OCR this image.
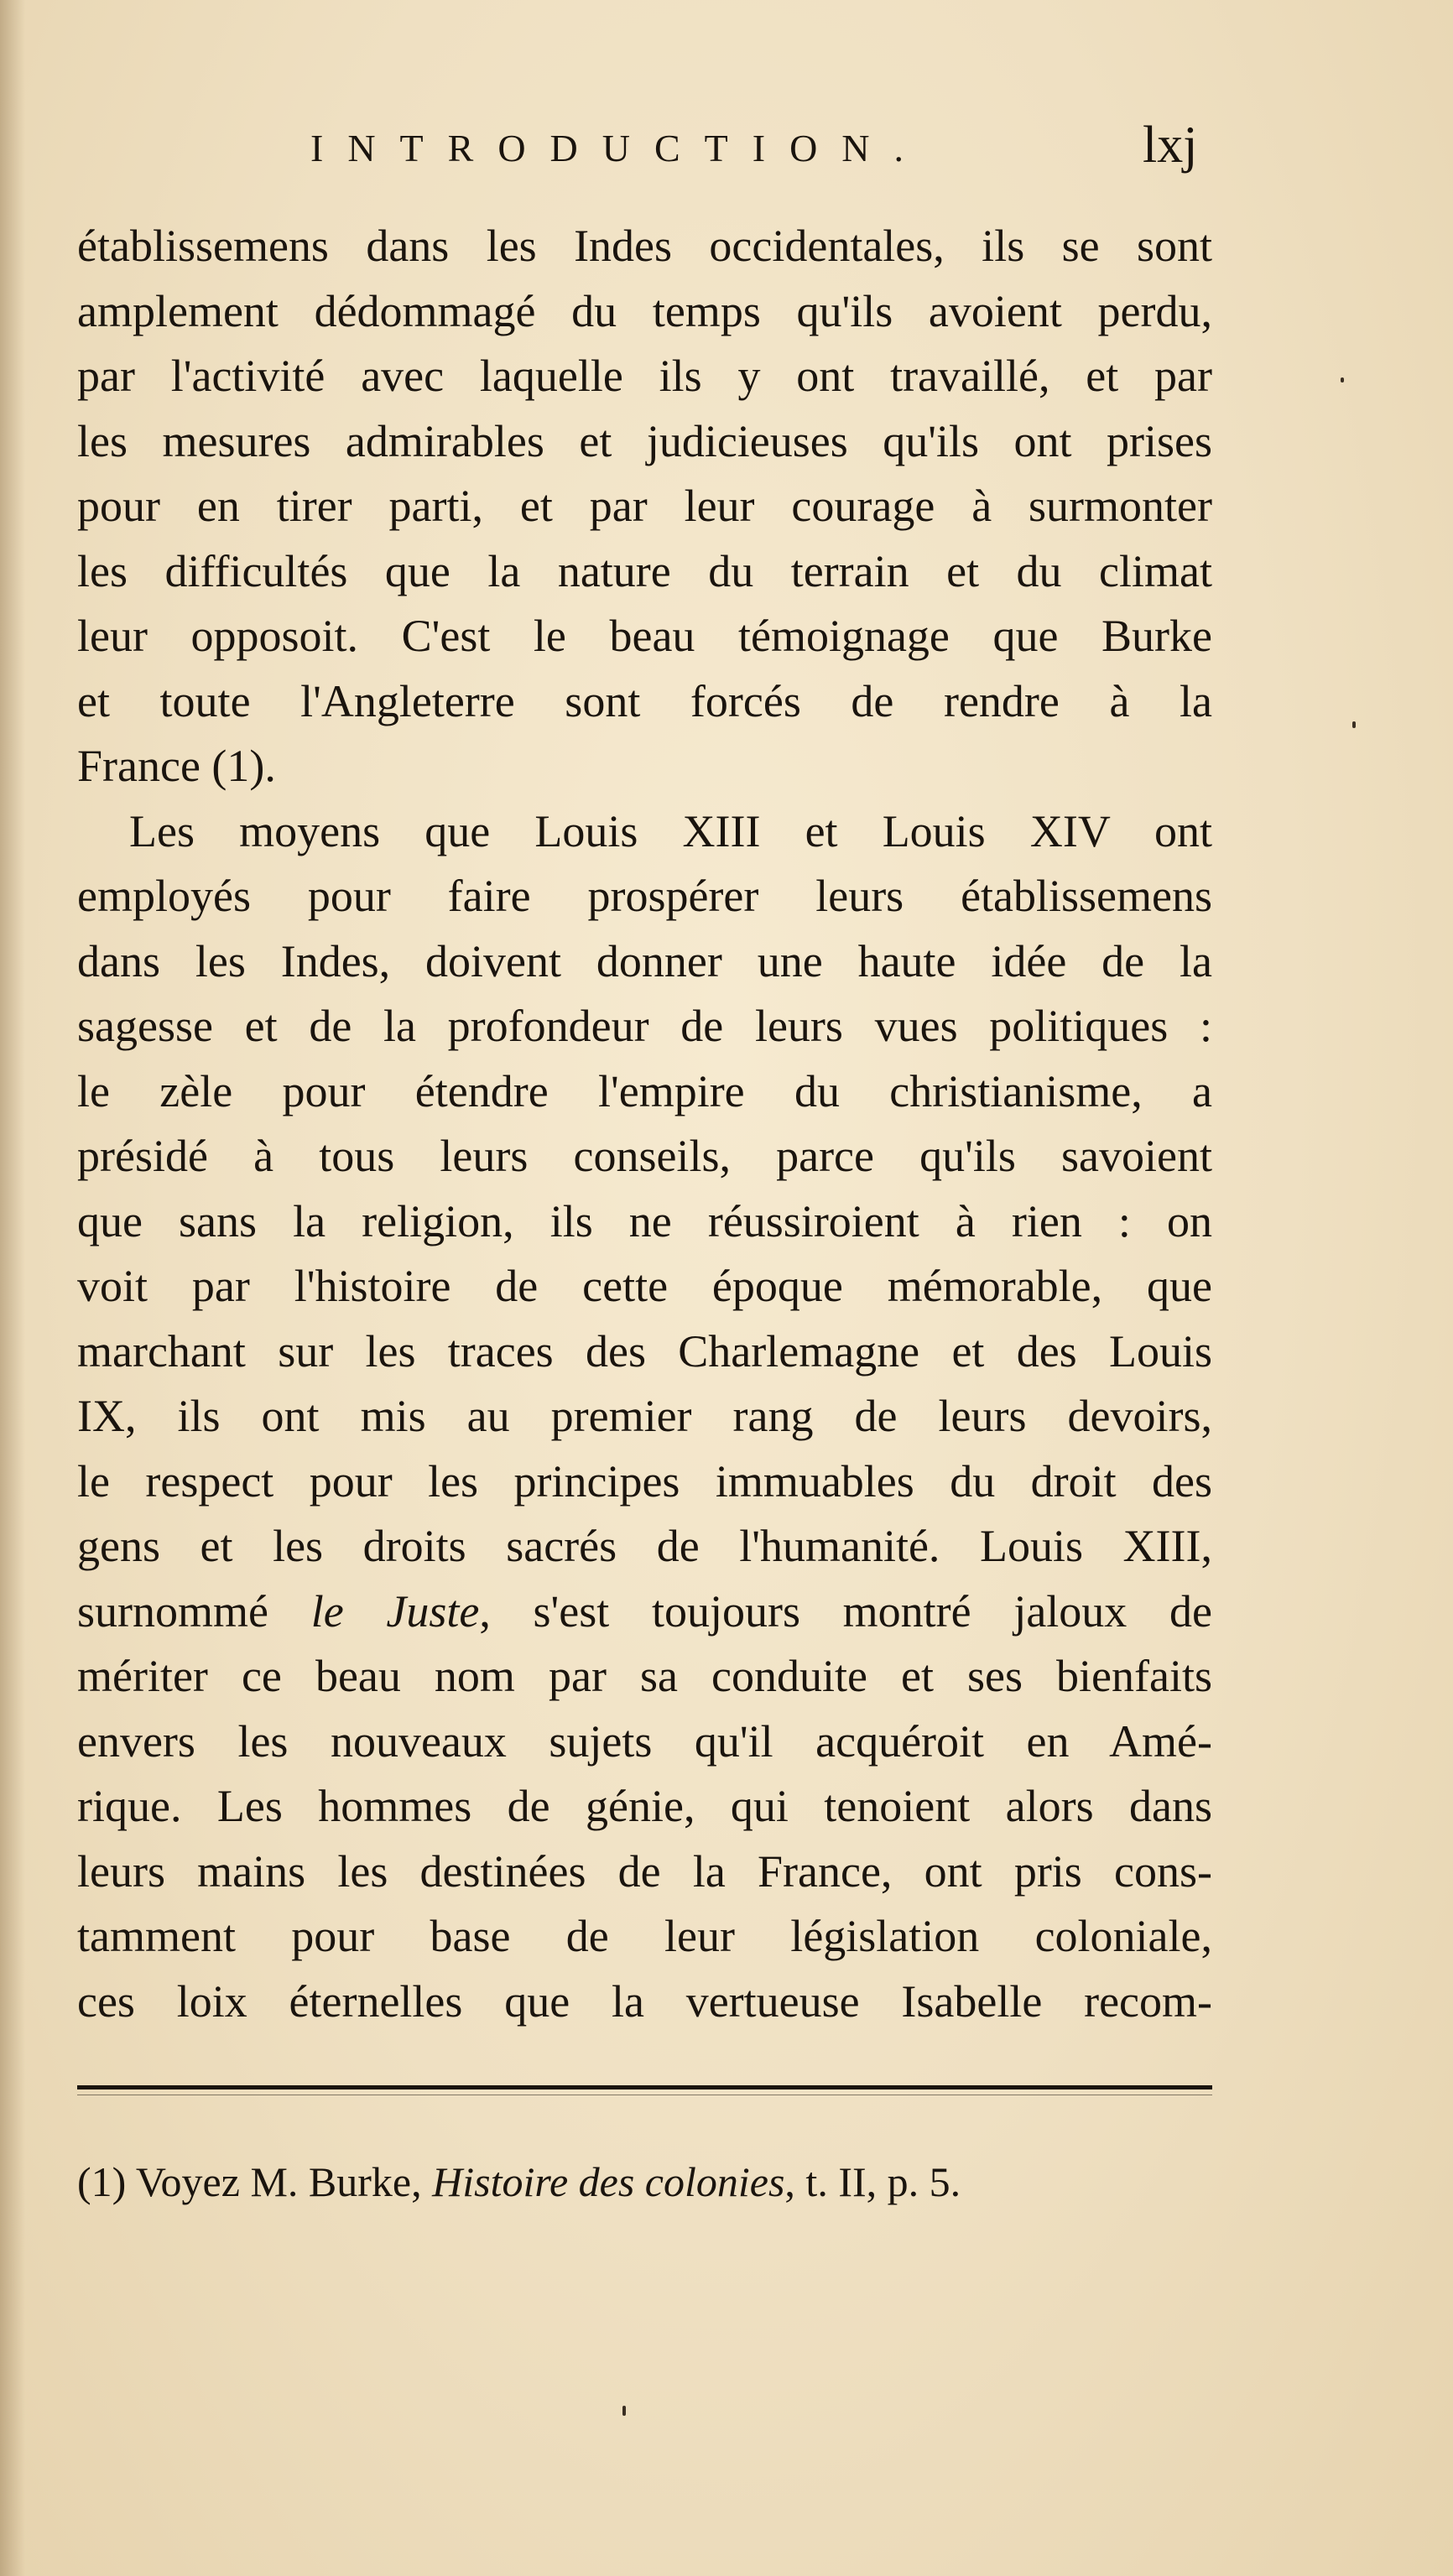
INTRODUCTION.	lxj
établissemens dans les Indes occidentales, ils se sont
amplement dédommagé du temps qu'ils avoient perdu,
par l'activité avec laquelle ils y ont travaillé, et par
les mesures admirables et judicieuses qu'ils ont prises
pour en tirer parti, et par leur courage à surmonter
les difficultés que la nature du terrain et du climat
leur opposoit. C'est le beau témoignage que Burke
et toute l'Angleterre sont forcés de rendre à la
France (1).
Les moyens que Louis XIII et Louis XIV ont
employés pour faire prospérer leurs établissemens
dans les Indes, doivent donner une haute idée de la
sagesse et de la profondeur de leurs vues politiques :
le zèle pour étendre l'empire du christianisme, a
présidé à tous leurs conseils, parce qu'ils savoient
que sans la religion, ils ne réussiroient à rien : on
voit par l'histoire de cette époque mémorable, que
marchant sur les traces des Charlemagne et des Louis
IX, ils ont mis au premier rang de leurs devoirs,
le respect pour les principes immuables du droit des
gens et les droits sacrés de l'humanité. Louis XIII,
surnommé le Juste, s'est toujours montré jaloux de
mériter ce beau nom par sa conduite et ses bienfaits
envers les nouveaux sujets qu'il acquéroit en Amé-
rique. Les hommes de génie, qui tenoient alors dans
leurs mains les destinées de la France, ont pris cons-
tamment pour base de leur législation coloniale,
ces loix éternelles que la vertueuse Isabelle recom-
(1) Voyez M. Burke, Histoire des colonies, t. II, p. 5.
